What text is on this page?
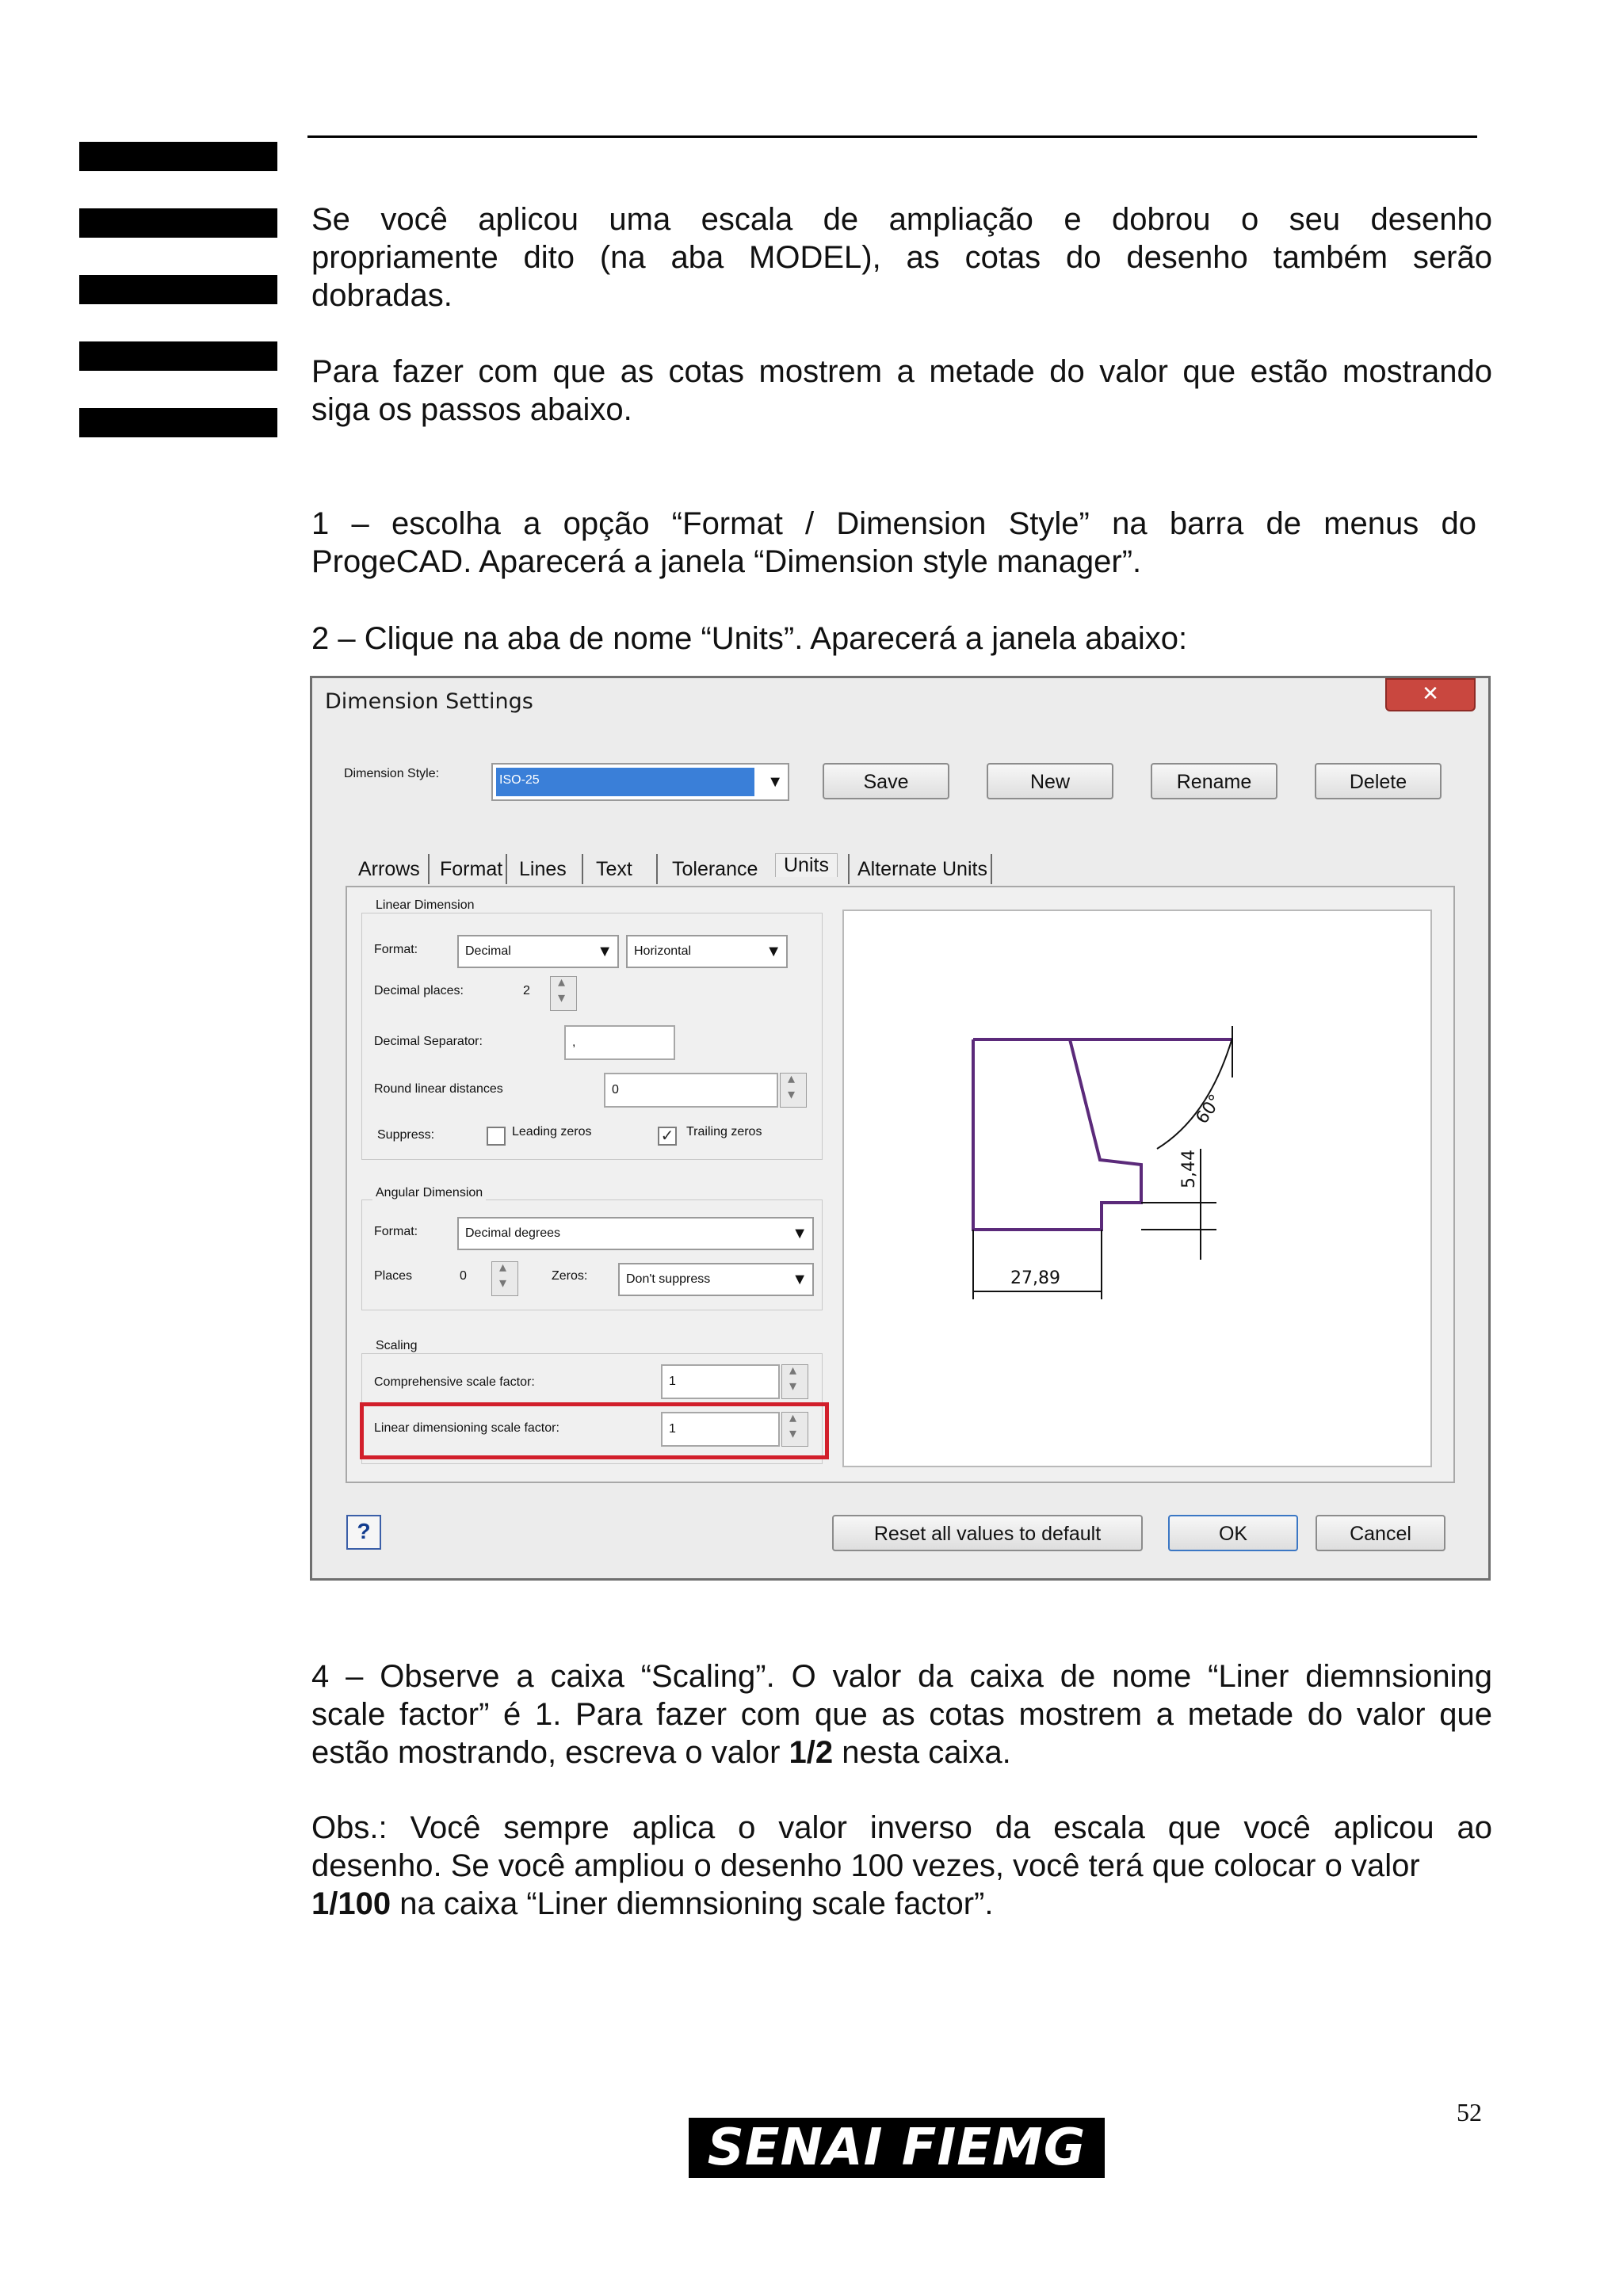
Se você aplicou uma escala de ampliação e dobrou o seu desenho
propriamente dito (na aba MODEL), as cotas do desenho também serão
dobradas.
Para fazer com que as cotas mostrem a metade do valor que estão mostrando
siga os passos abaixo.
1 – escolha a opção “Format / Dimension Style” na barra de menus do
ProgeCAD. Aparecerá a janela “Dimension style manager”.
2 – Clique na aba de nome “Units”. Aparecerá a janela abaixo:
Dimension Settings	✕
Dimension Style:	ISO-25	▼	Save	New	Rename	Delete
Arrows Format Lines Text Tolerance	Units	Alternate Units
Linear Dimension
Format:	Decimal	▼	Horizontal	▼
Decimal places:	2
▴ ▾
Decimal Separator:	,
Round linear distances	0
▴ ▾
Suppress:	Leading zeros	✓ Trailing zeros
Angular Dimension
Format:	Decimal degrees	▼
Places	0 ▴ ▾	Zeros:	Don't suppress	▼
Scaling
Comprehensive scale factor:	1
▴ ▾
Linear dimensioning scale factor:	1
▴ ▾
27,89
5,44
60°
?	Reset all values to default	OK	Cancel
4 – Observe a caixa “Scaling”. O valor da caixa de nome “Liner diemnsioning
scale factor” é 1. Para fazer com que as cotas mostrem a metade do valor que
estão mostrando, escreva o valor 1/2 nesta caixa.
Obs.: Você sempre aplica o valor inverso da escala que você aplicou ao
desenho. Se você ampliou o desenho 100 vezes, você terá que colocar o valor
1/100 na caixa “Liner diemnsioning scale factor”.
52
SENAI FIEMG
